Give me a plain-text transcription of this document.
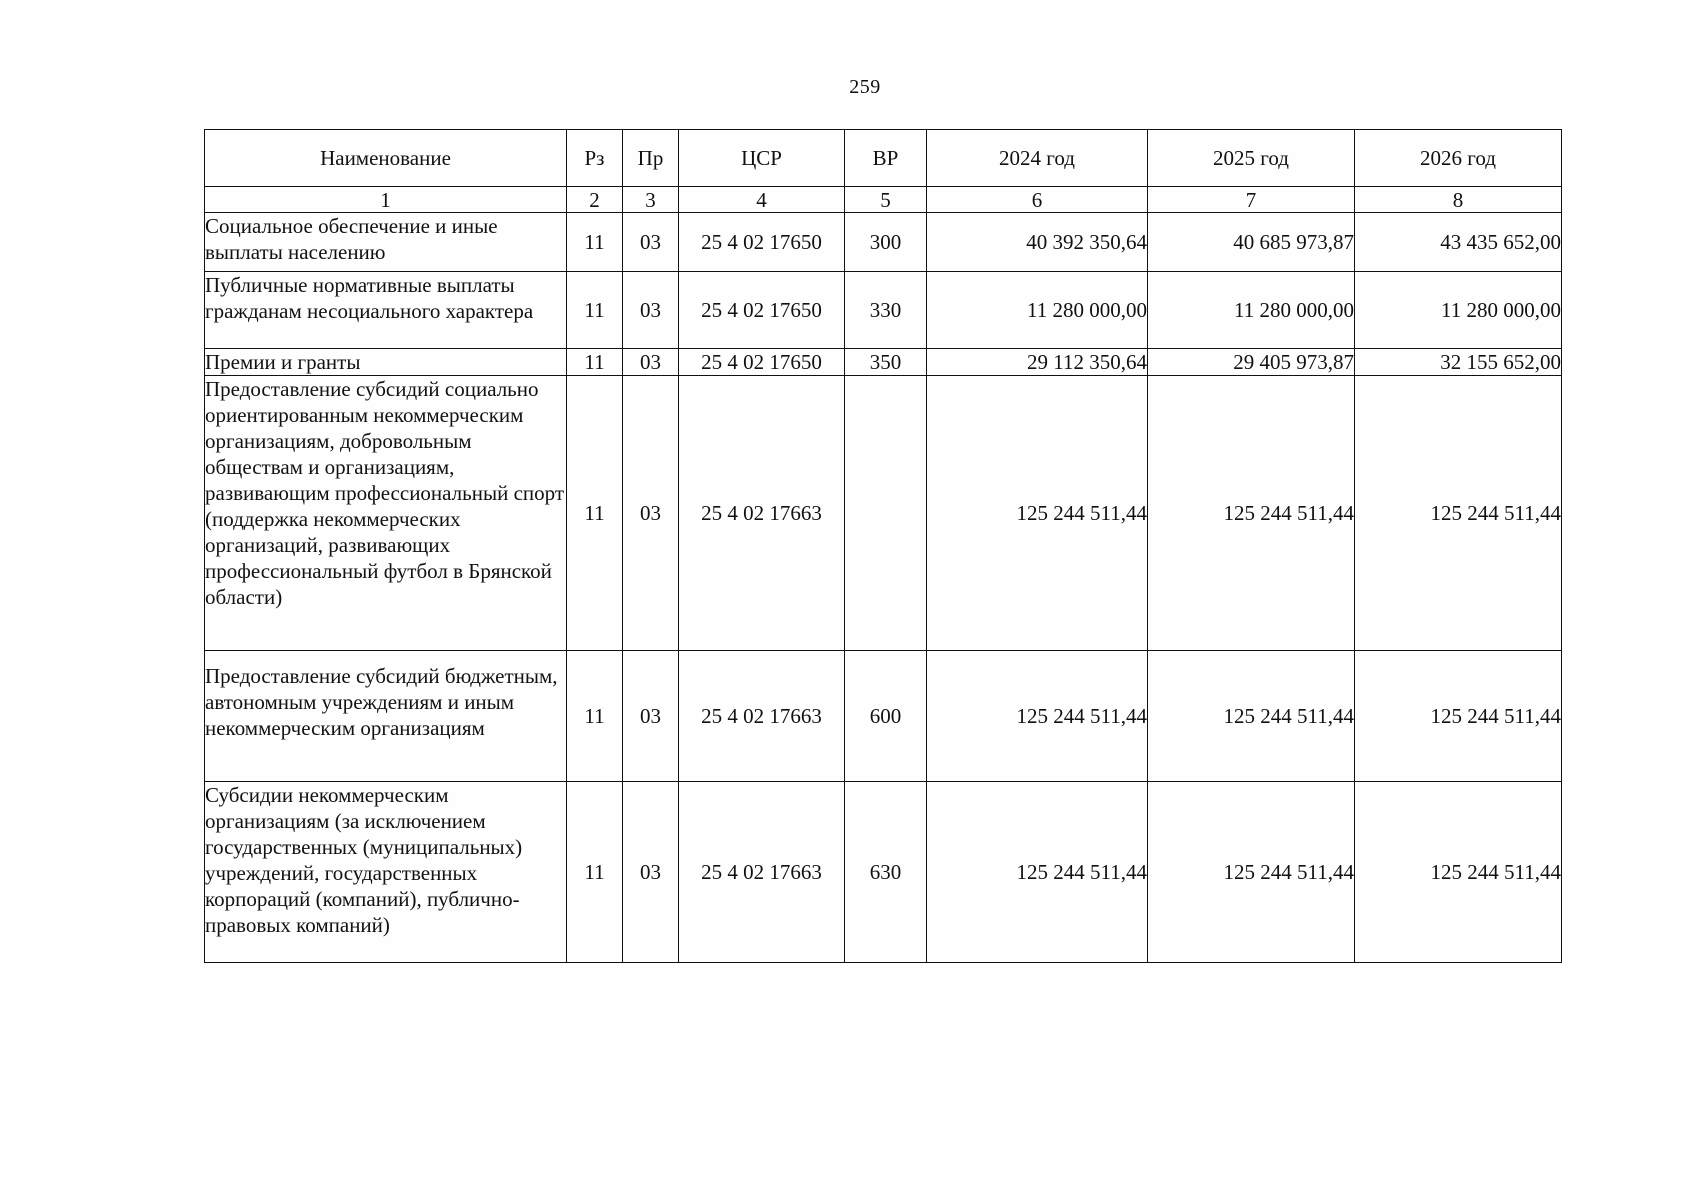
259
Наименование	Рз	Пр	ЦСР	ВР	2024 год	2025 год	2026 год
1	2	3	4	5	6	7	8
Социальное обеспечение и иные выплаты населению	11	03	25 4 02 17650	300	40 392 350,64	40 685 973,87	43 435 652,00
Публичные нормативные выплаты гражданам несоциального характера	11	03	25 4 02 17650	330	11 280 000,00	11 280 000,00	11 280 000,00
Премии и гранты	11	03	25 4 02 17650	350	29 112 350,64	29 405 973,87	32 155 652,00
Предоставление субсидий социально ориентированным некоммерческим организациям, добровольным обществам и организациям, развивающим профессиональный спорт (поддержка некоммерческих организаций, развивающих профессиональный футбол в Брянской области)	11	03	25 4 02 17663		125 244 511,44	125 244 511,44	125 244 511,44
Предоставление субсидий бюджетным, автономным учреждениям и иным некоммерческим организациям	11	03	25 4 02 17663	600	125 244 511,44	125 244 511,44	125 244 511,44
Субсидии некоммерческим организациям (за исключением государственных (муниципальных) учреждений, государственных корпораций (компаний), публично-правовых компаний)	11	03	25 4 02 17663	630	125 244 511,44	125 244 511,44	125 244 511,44
